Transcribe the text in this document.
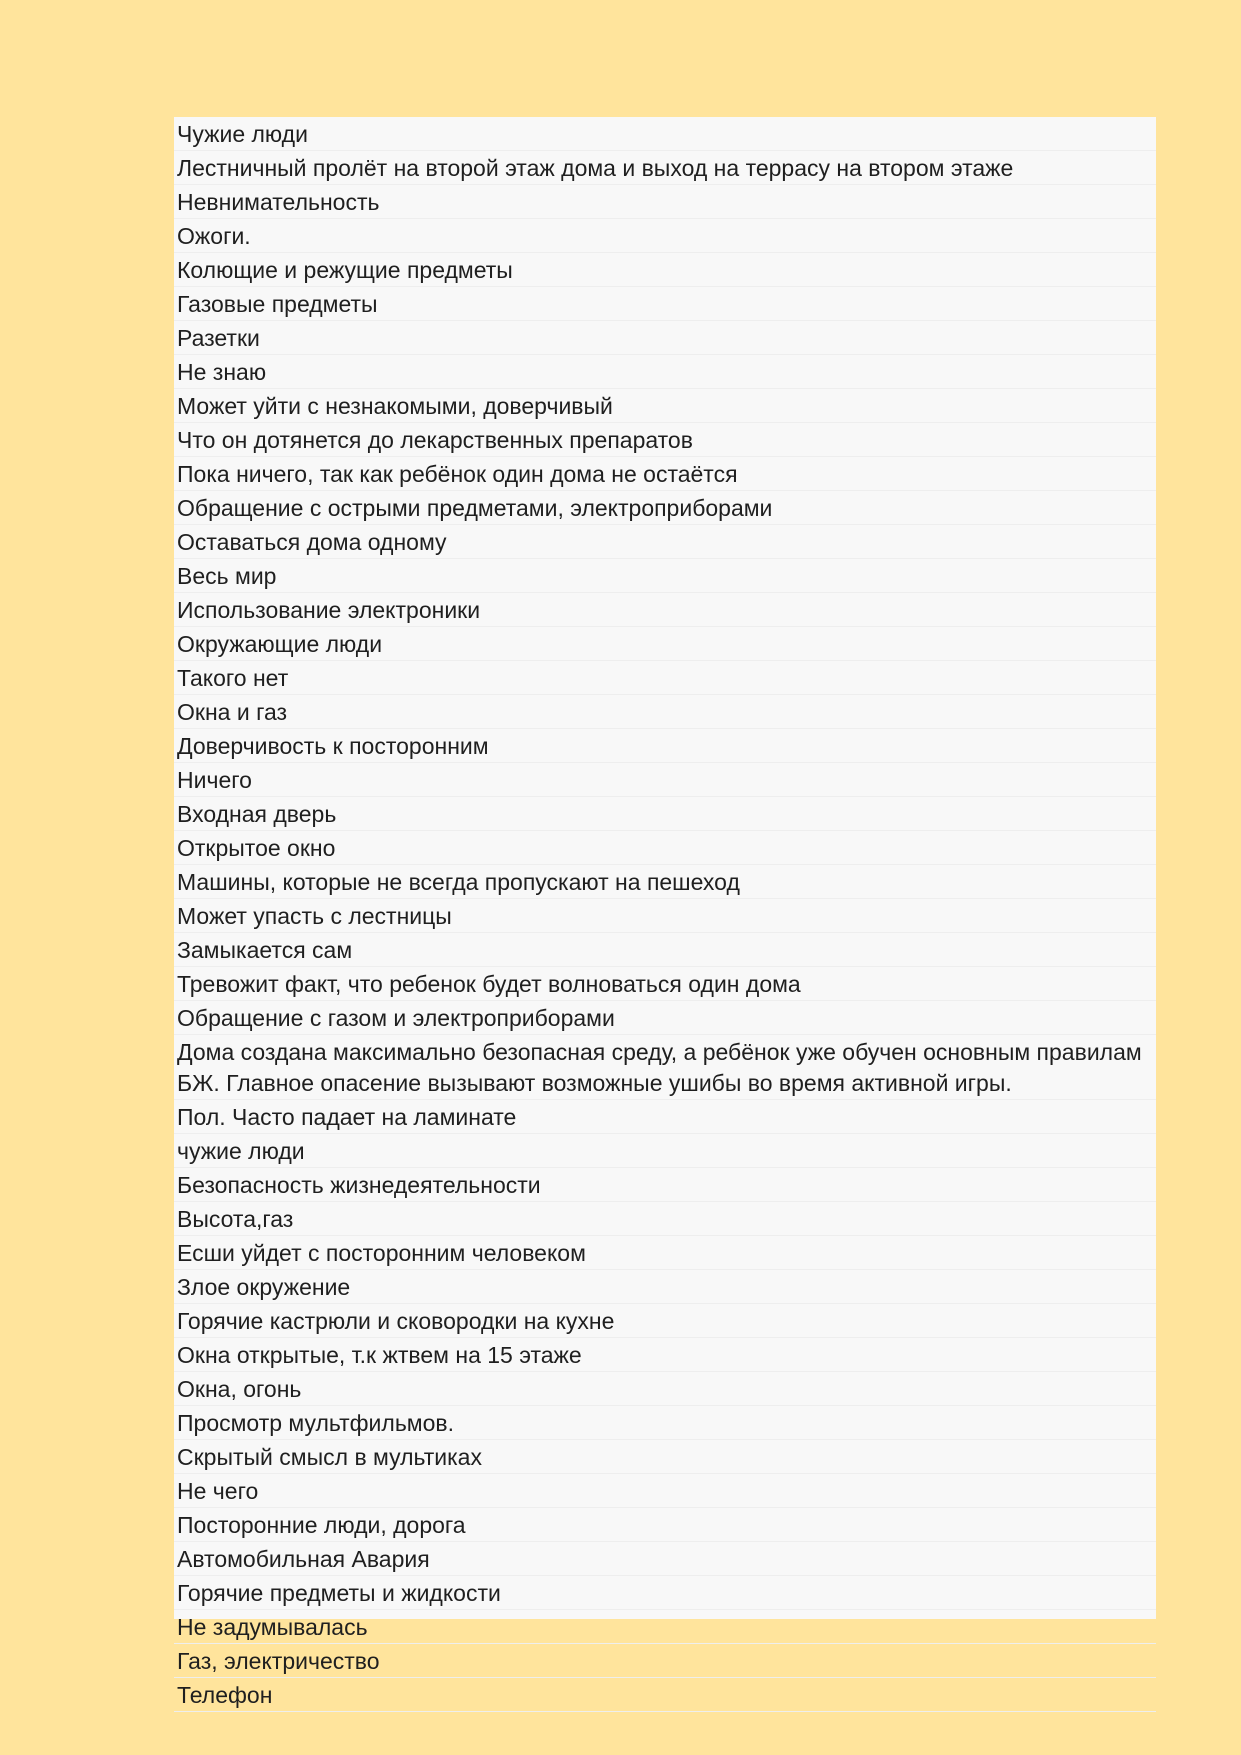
Чужие люди
Лестничный пролёт на второй этаж дома и выход на террасу на втором этаже
Невнимательность
Ожоги.
Колющие и режущие предметы
Газовые предметы
Разетки
Не знаю
Может уйти с незнакомыми, доверчивый
Что он дотянется до лекарственных препаратов
Пока ничего, так как ребёнок один дома не остаётся
Обращение с острыми предметами, электроприборами
Оставаться дома одному
Весь мир
Использование электроники
Окружающие люди
Такого нет
Окна и газ
Доверчивость к посторонним
Ничего
Входная дверь
Открытое окно
Машины, которые не всегда пропускают на пешеход
Может упасть с лестницы
Замыкается сам
Тревожит факт, что ребенок будет волноваться один дома
Обращение с газом и электроприборами
Дома создана максимально безопасная среду, а ребёнок уже обучен основным правилам БЖ. Главное опасение вызывают возможные ушибы во время активной игры.
Пол. Часто падает на ламинате
чужие люди
Безопасность жизнедеятельности
Высота,газ
Есши уйдет с посторонним человеком
Злое окружение
Горячие кастрюли и сковородки на кухне
Окна открытые, т.к жтвем на 15 этаже
Окна, огонь
Просмотр мультфильмов.
Скрытый смысл в мультиках
Не чего
Посторонние люди, дорога
Автомобильная Авария
Горячие предметы и жидкости
Не задумывалась
Газ, электричество
Телефон
